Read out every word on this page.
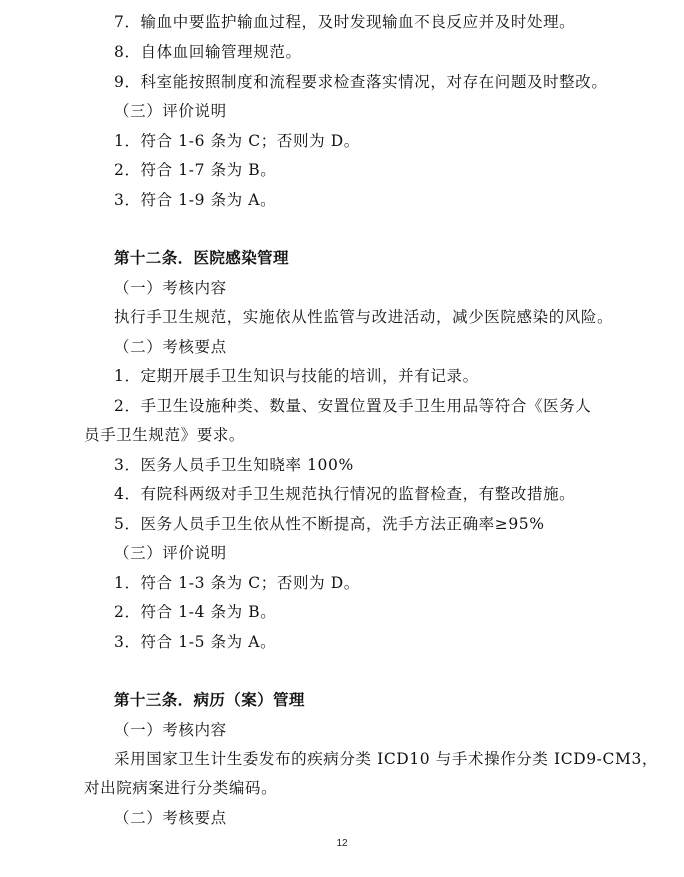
7．输血中要监护输血过程，及时发现输血不良反应并及时处理。
8．自体血回输管理规范。
9．科室能按照制度和流程要求检查落实情况，对存在问题及时整改。
（三）评价说明
1．符合 1-6 条为 C；否则为 D。
2．符合 1-7 条为 B。
3．符合 1-9 条为 A。
第十二条．医院感染管理
（一）考核内容
执行手卫生规范，实施依从性监管与改进活动，减少医院感染的风险。
（二）考核要点
1．定期开展手卫生知识与技能的培训，并有记录。
2．手卫生设施种类、数量、安置位置及手卫生用品等符合《医务人
员手卫生规范》要求。
3．医务人员手卫生知晓率 100%
4．有院科两级对手卫生规范执行情况的监督检查，有整改措施。
5．医务人员手卫生依从性不断提高，洗手方法正确率≥95%
（三）评价说明
1．符合 1-3 条为 C；否则为 D。
2．符合 1-4 条为 B。
3．符合 1-5 条为 A。
第十三条．病历（案）管理
（一）考核内容
采用国家卫生计生委发布的疾病分类 ICD10 与手术操作分类 ICD9-CM3，
对出院病案进行分类编码。
（二）考核要点
12
